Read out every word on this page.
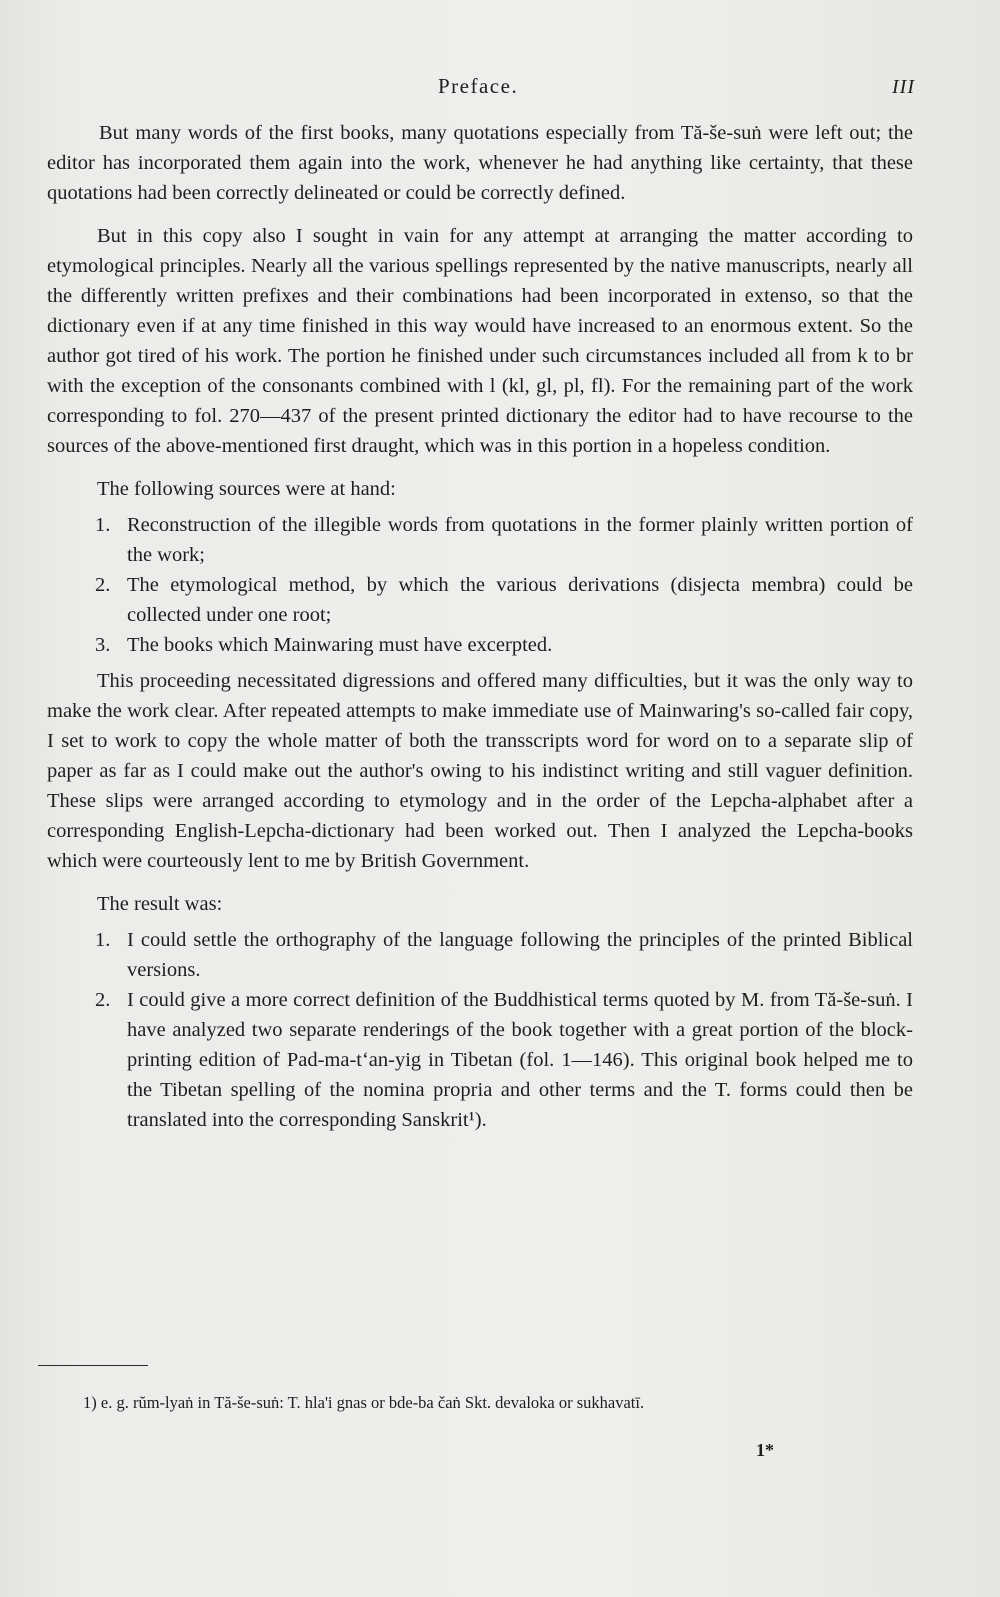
Preface.	III

But many words of the first books, many quotations especially from Tă-še-suṅ were left out; the editor has incorporated them again into the work, whenever he had anything like certainty, that these quotations had been correctly delineated or could be correctly defined.

But in this copy also I sought in vain for any attempt at arranging the matter according to etymological principles. Nearly all the various spellings represented by the native manuscripts, nearly all the differently written prefixes and their combinations had been incorporated in extenso, so that the dictionary even if at any time finished in this way would have increased to an enormous extent. So the author got tired of his work. The portion he finished under such circumstances included all from k to br with the exception of the consonants combined with l (kl, gl, pl, fl). For the remaining part of the work corresponding to fol. 270—437 of the present printed dictionary the editor had to have recourse to the sources of the above-mentioned first draught, which was in this portion in a hopeless condition.

The following sources were at hand:

1. Reconstruction of the illegible words from quotations in the former plainly written portion of the work;
2. The etymological method, by which the various derivations (disjecta membra) could be collected under one root;
3. The books which Mainwaring must have excerpted.

This proceeding necessitated digressions and offered many difficulties, but it was the only way to make the work clear. After repeated attempts to make immediate use of Mainwaring's so-called fair copy, I set to work to copy the whole matter of both the transscripts word for word on to a separate slip of paper as far as I could make out the author's owing to his indistinct writing and still vaguer definition. These slips were arranged according to etymology and in the order of the Lepcha-alphabet after a corresponding English-Lepcha-dictionary had been worked out. Then I analyzed the Lepcha-books which were courteously lent to me by British Government.

The result was:

1. I could settle the orthography of the language following the principles of the printed Biblical versions.
2. I could give a more correct definition of the Buddhistical terms quoted by M. from Tă-še-suṅ. I have analyzed two separate renderings of the book together with a great portion of the block-printing edition of Pad-ma-tʻan-yig in Tibetan (fol. 1—146). This original book helped me to the Tibetan spelling of the nomina propria and other terms and the T. forms could then be translated into the corresponding Sanskrit¹).
1) e. g. rŭm-lyaṅ in Tă-še-suṅ: T. hla'i gnas or bde-ba čaṅ Skt. devaloka or sukhavatī.
1*
